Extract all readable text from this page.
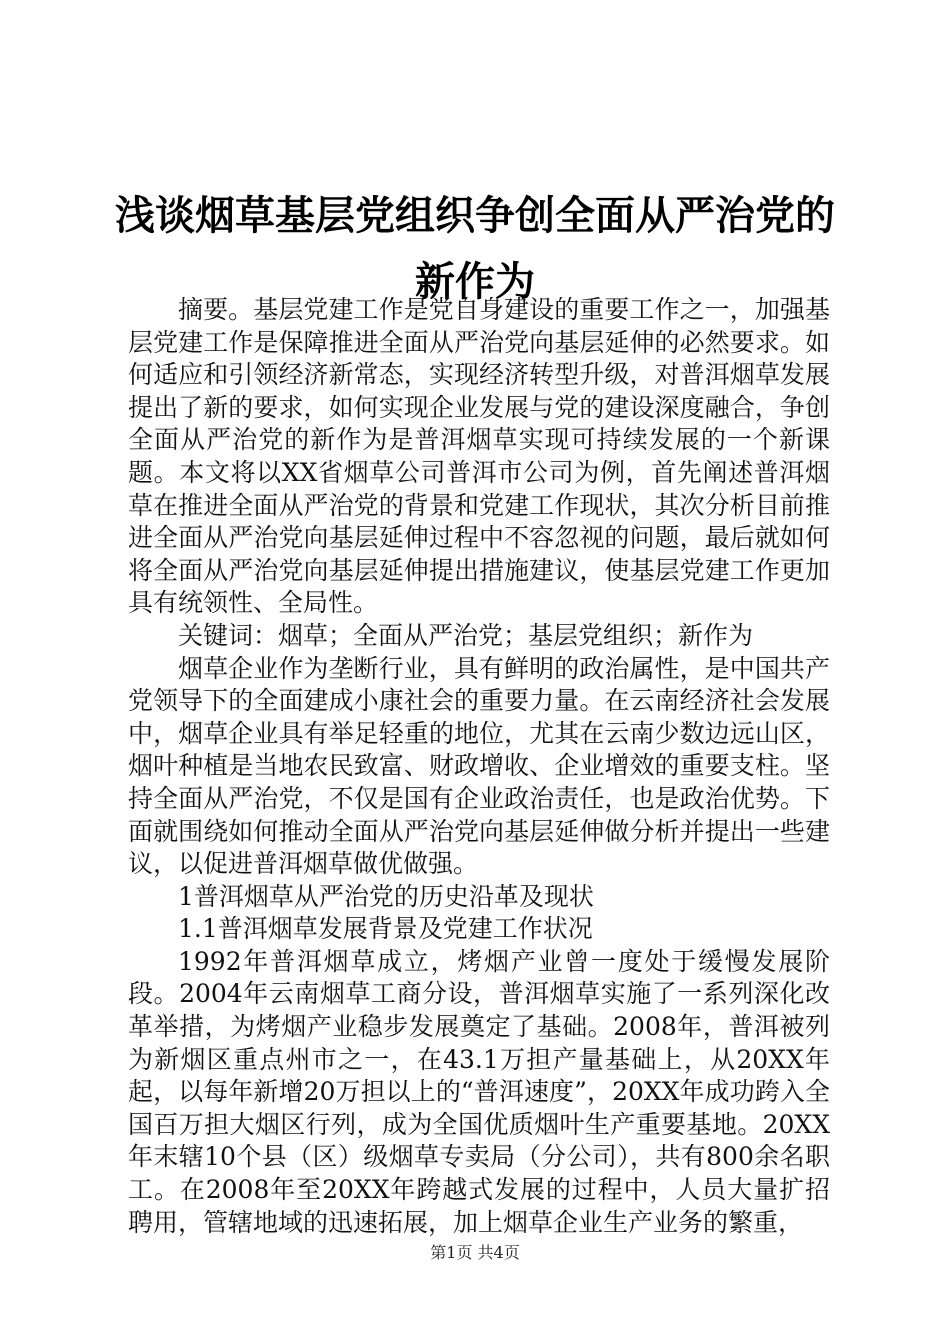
浅谈烟草基层党组织争创全面从严治党的新作为

摘要。基层党建工作是党自身建设的重要工作之一，加强基层党建工作是保障推进全面从严治党向基层延伸的必然要求。如何适应和引领经济新常态，实现经济转型升级，对普洱烟草发展提出了新的要求，如何实现企业发展与党的建设深度融合，争创全面从严治党的新作为是普洱烟草实现可持续发展的一个新课题。本文将以XX省烟草公司普洱市公司为例，首先阐述普洱烟草在推进全面从严治党的背景和党建工作现状，其次分析目前推进全面从严治党向基层延伸过程中不容忽视的问题，最后就如何将全面从严治党向基层延伸提出措施建议，使基层党建工作更加具有统领性、全局性。

关键词：烟草；全面从严治党；基层党组织；新作为

烟草企业作为垄断行业，具有鲜明的政治属性，是中国共产党领导下的全面建成小康社会的重要力量。在云南经济社会发展中，烟草企业具有举足轻重的地位，尤其在云南少数边远山区，烟叶种植是当地农民致富、财政增收、企业增效的重要支柱。坚持全面从严治党，不仅是国有企业政治责任，也是政治优势。下面就围绕如何推动全面从严治党向基层延伸做分析并提出一些建议，以促进普洱烟草做优做强。

1普洱烟草从严治党的历史沿革及现状

1.1普洱烟草发展背景及党建工作状况

1992年普洱烟草成立，烤烟产业曾一度处于缓慢发展阶段。2004年云南烟草工商分设，普洱烟草实施了一系列深化改革举措，为烤烟产业稳步发展奠定了基础。2008年，普洱被列为新烟区重点州市之一，在43.1万担产量基础上，从20XX年起，以每年新增20万担以上的“普洱速度”，20XX年成功跨入全国百万担大烟区行列，成为全国优质烟叶生产重要基地。20XX年末辖10个县（区）级烟草专卖局（分公司），共有800余名职工。在2008年至20XX年跨越式发展的过程中，人员大量扩招聘用，管辖地域的迅速拓展，加上烟草企业生产业务的繁重，

第1页 共4页
